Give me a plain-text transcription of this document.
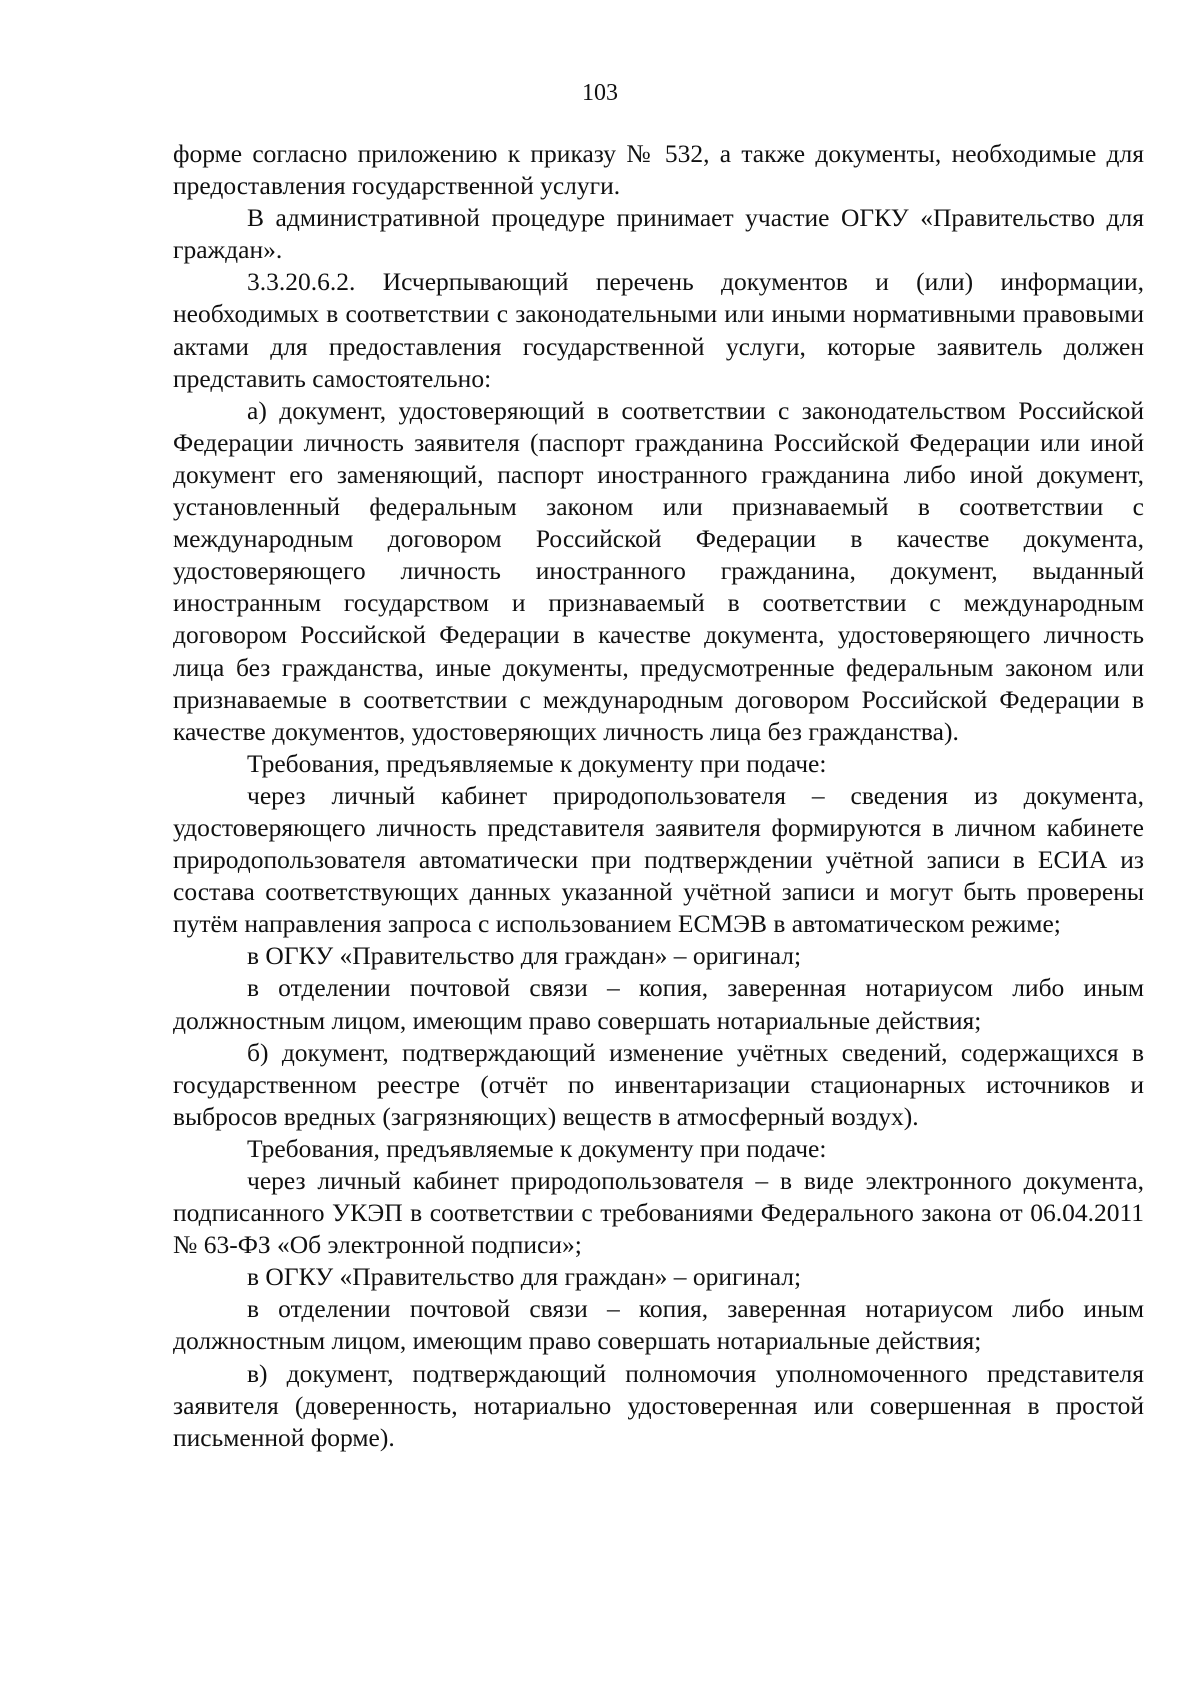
103

форме согласно приложению к приказу № 532, а также документы, необходимые для предоставления государственной услуги.

В административной процедуре принимает участие ОГКУ «Правительство для граждан».

3.3.20.6.2. Исчерпывающий перечень документов и (или) информации, необходимых в соответствии с законодательными или иными нормативными правовыми актами для предоставления государственной услуги, которые заявитель должен представить самостоятельно:

а) документ, удостоверяющий в соответствии с законодательством Российской Федерации личность заявителя (паспорт гражданина Российской Федерации или иной документ его заменяющий, паспорт иностранного гражданина либо иной документ, установленный федеральным законом или признаваемый в соответствии с международным договором Российской Федерации в качестве документа, удостоверяющего личность иностранного гражданина, документ, выданный иностранным государством и признаваемый в соответствии с международным договором Российской Федерации в качестве документа, удостоверяющего личность лица без гражданства, иные документы, предусмотренные федеральным законом или признаваемые в соответствии с международным договором Российской Федерации в качестве документов, удостоверяющих личность лица без гражданства).

Требования, предъявляемые к документу при подаче:

через личный кабинет природопользователя – сведения из документа, удостоверяющего личность представителя заявителя формируются в личном кабинете природопользователя автоматически при подтверждении учётной записи в ЕСИА из состава соответствующих данных указанной учётной записи и могут быть проверены путём направления запроса с использованием ЕСМЭВ в автоматическом режиме;

в ОГКУ «Правительство для граждан» – оригинал;

в отделении почтовой связи – копия, заверенная нотариусом либо иным должностным лицом, имеющим право совершать нотариальные действия;

б) документ, подтверждающий изменение учётных сведений, содержащихся в государственном реестре (отчёт по инвентаризации стационарных источников и выбросов вредных (загрязняющих) веществ в атмосферный воздух).

Требования, предъявляемые к документу при подаче:

через личный кабинет природопользователя – в виде электронного документа, подписанного УКЭП в соответствии с требованиями Федерального закона от 06.04.2011 № 63-ФЗ «Об электронной подписи»;

в ОГКУ «Правительство для граждан» – оригинал;

в отделении почтовой связи – копия, заверенная нотариусом либо иным должностным лицом, имеющим право совершать нотариальные действия;

в) документ, подтверждающий полномочия уполномоченного представителя заявителя (доверенность, нотариально удостоверенная или совершенная в простой письменной форме).
